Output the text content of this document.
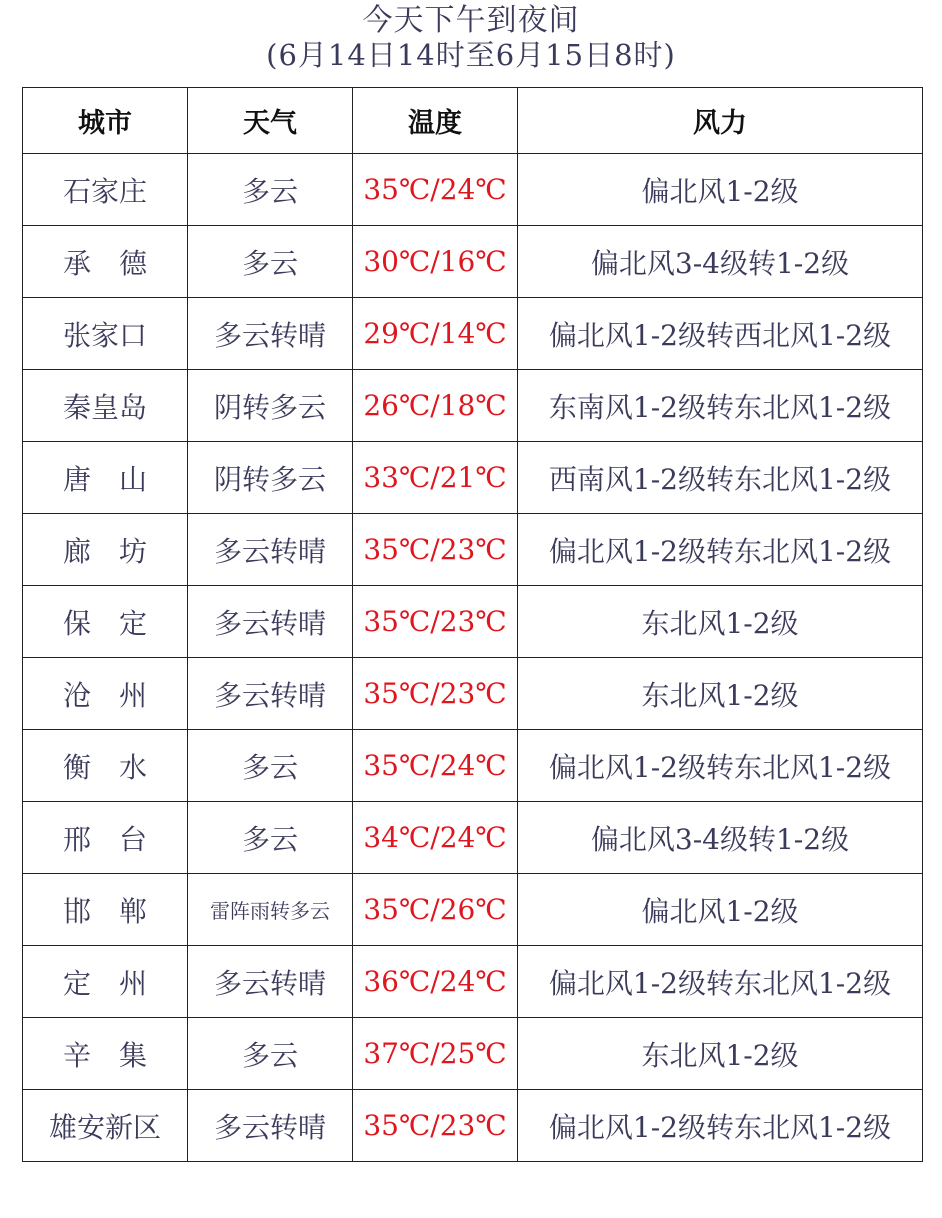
今天下午到夜间
(6月14日14时至6月15日8时)
城市	天气	温度	风力
石家庄	多云	35℃/24℃	偏北风1-2级
承　德	多云	30℃/16℃	偏北风3-4级转1-2级
张家口	多云转晴	29℃/14℃	偏北风1-2级转西北风1-2级
秦皇岛	阴转多云	26℃/18℃	东南风1-2级转东北风1-2级
唐　山	阴转多云	33℃/21℃	西南风1-2级转东北风1-2级
廊　坊	多云转晴	35℃/23℃	偏北风1-2级转东北风1-2级
保　定	多云转晴	35℃/23℃	东北风1-2级
沧　州	多云转晴	35℃/23℃	东北风1-2级
衡　水	多云	35℃/24℃	偏北风1-2级转东北风1-2级
邢　台	多云	34℃/24℃	偏北风3-4级转1-2级
邯　郸	雷阵雨转多云	35℃/26℃	偏北风1-2级
定　州	多云转晴	36℃/24℃	偏北风1-2级转东北风1-2级
辛　集	多云	37℃/25℃	东北风1-2级
雄安新区	多云转晴	35℃/23℃	偏北风1-2级转东北风1-2级
